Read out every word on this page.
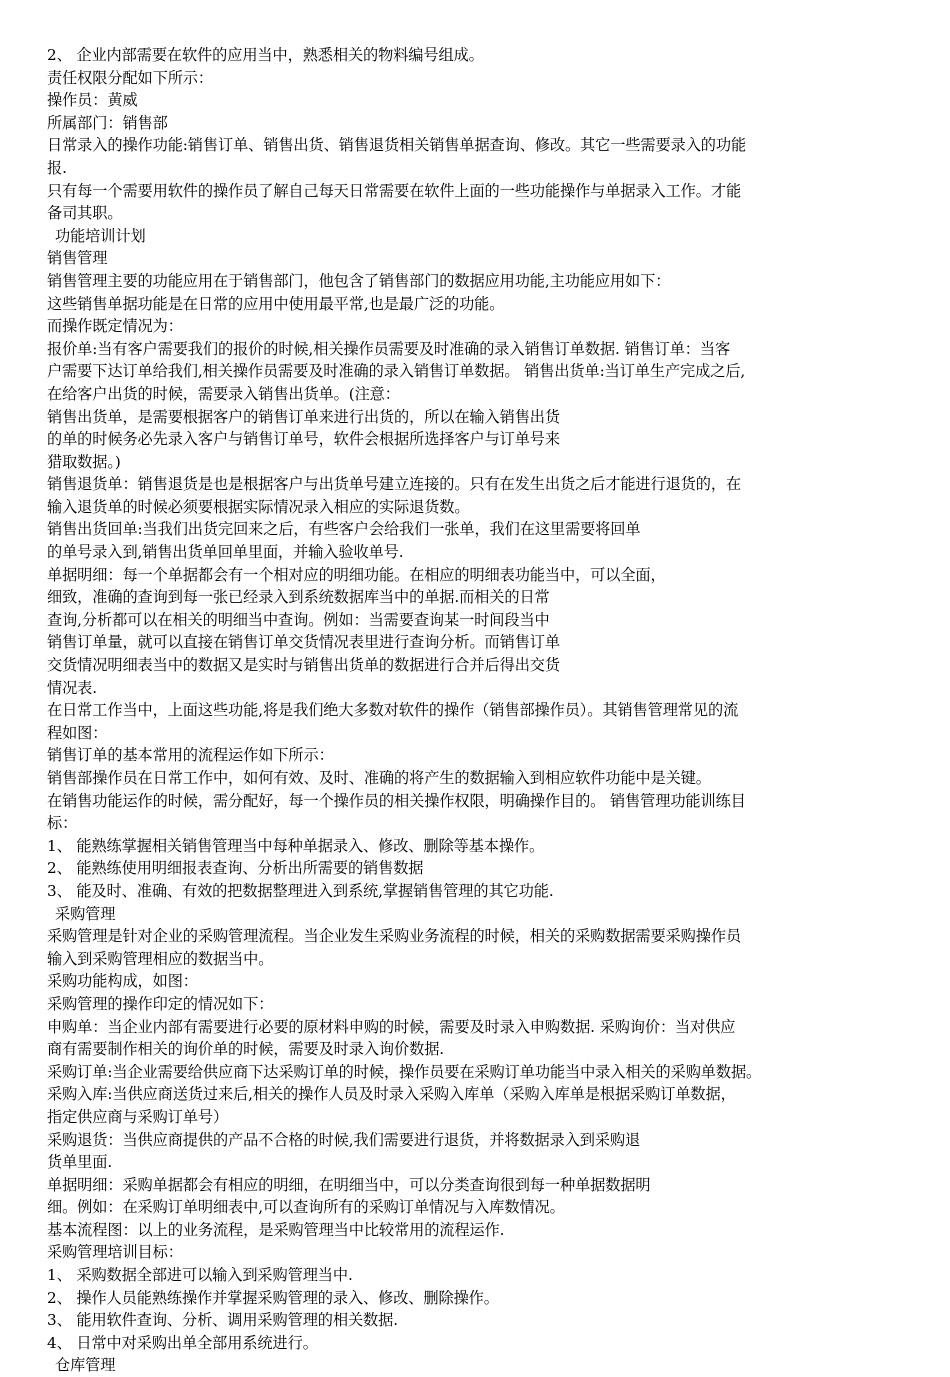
2、 企业内部需要在软件的应用当中，熟悉相关的物料编号组成。

责任权限分配如下所示：

操作员：黄威

所属部门：销售部

日常录入的操作功能:销售订单、销售出货、销售退货相关销售单据查询、修改。其它一些需要录入的功能

报.

只有每一个需要用软件的操作员了解自己每天日常需要在软件上面的一些功能操作与单据录入工作。才能

备司其职。

功能培训计划

销售管理

销售管理主要的功能应用在于销售部门，他包含了销售部门的数据应用功能,主功能应用如下：

这些销售单据功能是在日常的应用中使用最平常,也是最广泛的功能。

而操作既定情况为：

报价单:当有客户需要我们的报价的时候,相关操作员需要及时准确的录入销售订单数据. 销售订单：当客

户需要下达订单给我们,相关操作员需要及时准确的录入销售订单数据。 销售出货单:当订单生产完成之后,

在给客户出货的时候，需要录入销售出货单。(注意：

销售出货单，是需要根据客户的销售订单来进行出货的，所以在输入销售出货

的单的时候务必先录入客户与销售订单号，软件会根据所选择客户与订单号来

猎取数据。)

销售退货单：销售退货是也是根据客户与出货单号建立连接的。只有在发生出货之后才能进行退货的，在

输入退货单的时候必须要根据实际情况录入相应的实际退货数。

销售出货回单:当我们出货完回来之后，有些客户会给我们一张单，我们在这里需要将回单

的单号录入到,销售出货单回单里面，并输入验收单号.

单据明细：每一个单据都会有一个相对应的明细功能。在相应的明细表功能当中，可以全面，

细致，准确的查询到每一张已经录入到系统数据库当中的单据.而相关的日常

查询,分析都可以在相关的明细当中查询。例如：当需要查询某一时间段当中

销售订单量，就可以直接在销售订单交货情况表里进行查询分析。而销售订单

交货情况明细表当中的数据又是实时与销售出货单的数据进行合并后得出交货

情况表.

在日常工作当中，上面这些功能,将是我们绝大多数对软件的操作（销售部操作员）。其销售管理常见的流

程如图：

销售订单的基本常用的流程运作如下所示：

销售部操作员在日常工作中，如何有效、及时、准确的将产生的数据输入到相应软件功能中是关键。

在销售功能运作的时候，需分配好，每一个操作员的相关操作权限，明确操作目的。 销售管理功能训练目

标：

1、 能熟练掌握相关销售管理当中每种单据录入、修改、删除等基本操作。

2、 能熟练使用明细报表查询、分析出所需要的销售数据

3、 能及时、准确、有效的把数据整理进入到系统,掌握销售管理的其它功能.

采购管理

采购管理是针对企业的采购管理流程。当企业发生采购业务流程的时候，相关的采购数据需要采购操作员

输入到采购管理相应的数据当中。

采购功能构成，如图：

采购管理的操作印定的情况如下：

申购单：当企业内部有需要进行必要的原材料申购的时候，需要及时录入申购数据. 采购询价：当对供应

商有需要制作相关的询价单的时候，需要及时录入询价数据.

采购订单:当企业需要给供应商下达采购订单的时候，操作员要在采购订单功能当中录入相关的采购单数据。

采购入库:当供应商送货过来后,相关的操作人员及时录入采购入库单（采购入库单是根据采购订单数据，

指定供应商与采购订单号）

采购退货：当供应商提供的产品不合格的时候,我们需要进行退货，并将数据录入到采购退

货单里面.

单据明细：采购单据都会有相应的明细，在明细当中，可以分类查询很到每一种单据数据明

细。例如：在采购订单明细表中,可以查询所有的采购订单情况与入库数情况。

基本流程图：以上的业务流程，是采购管理当中比较常用的流程运作.

采购管理培训目标：

1、 采购数据全部进可以输入到采购管理当中.

2、 操作人员能熟练操作并掌握采购管理的录入、修改、删除操作。

3、 能用软件查询、分析、调用采购管理的相关数据.

4、 日常中对采购出单全部用系统进行。

仓库管理
